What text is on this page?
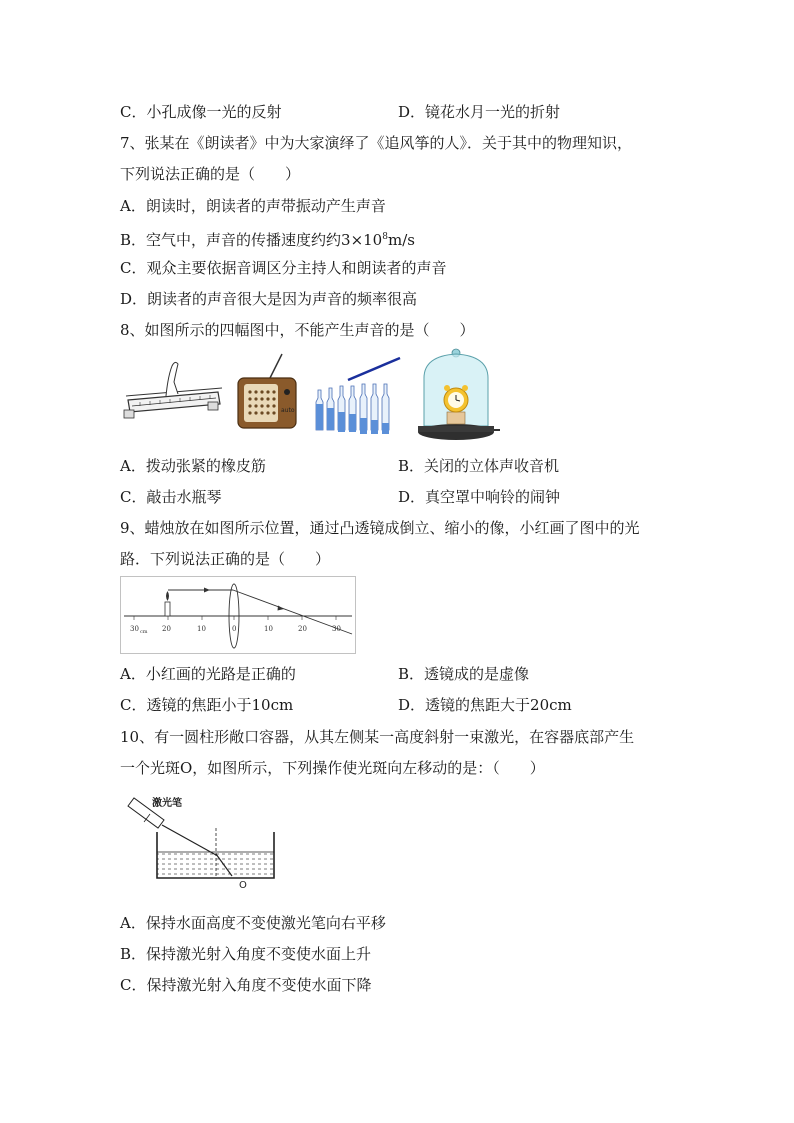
C．小孔成像一光的反射	D．镜花水月一光的折射
7、张某在《朗读者》中为大家演绎了《追风筝的人》．关于其中的物理知识，
下列说法正确的是（　　）
A．朗读时，朗读者的声带振动产生声音
B．空气中，声音的传播速度约约$3\times 10^8m/s$
C．观众主要依据音调区分主持人和朗读者的声音
D．朗读者的声音很大是因为声音的频率很高
8、如图所示的四幅图中，不能产生声音的是（　　）
auto
A．拨动张紧的橡皮筋	B．关闭的立体声收音机
C．敲击水瓶琴	D．真空罩中响铃的闹钟
9、蜡烛放在如图所示位置，通过凸透镜成倒立、缩小的像，小红画了图中的光
路．下列说法正确的是（　　）
30 cm 20	10	0	10	20	30
A．小红画的光路是正确的	B．透镜成的是虚像
C．透镜的焦距小于10cm	D．透镜的焦距大于20cm
10、有一圆柱形敞口容器，从其左侧某一高度斜射一束激光，在容器底部产生
一个光斑O，如图所示，下列操作使光斑向左移动的是：（　　）
激光笔
O
A．保持水面高度不变使激光笔向右平移
B．保持激光射入角度不变使水面上升
C．保持激光射入角度不变使水面下降
